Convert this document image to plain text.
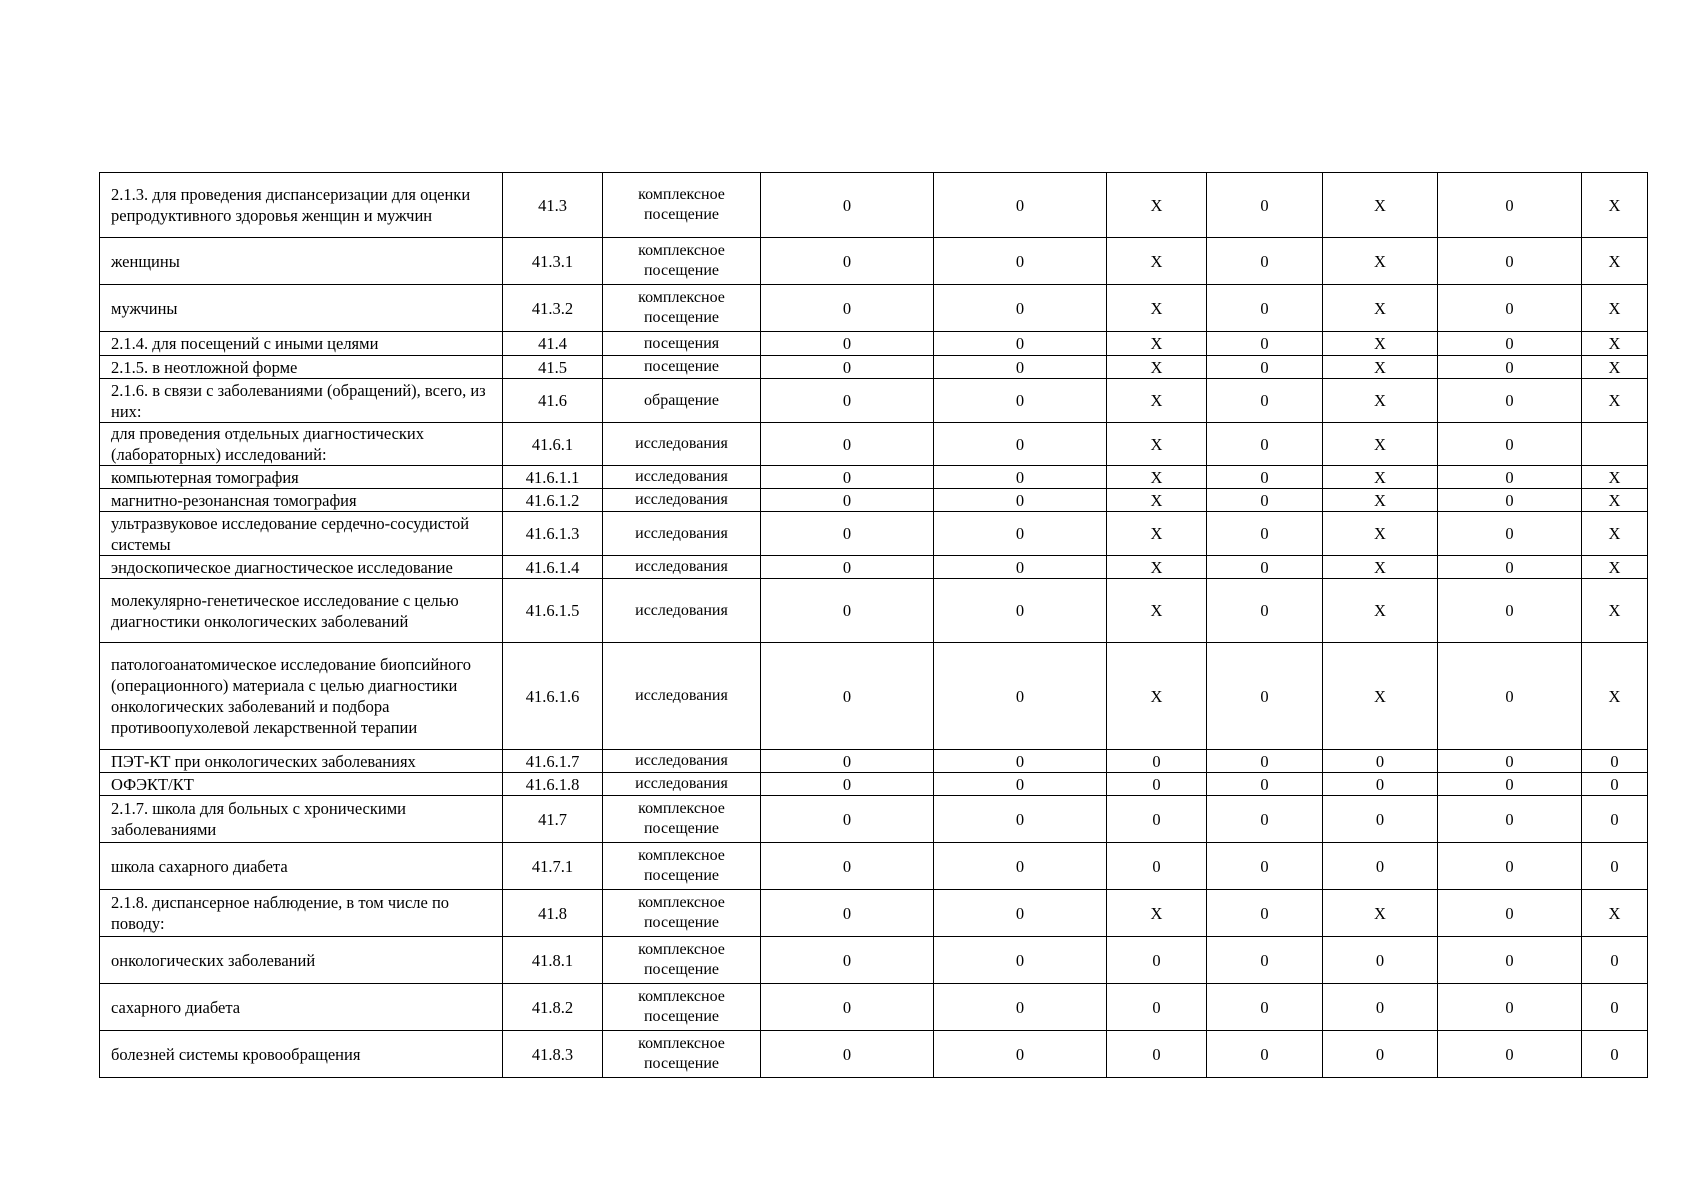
2.1.3. для проведения диспансеризации для оценки репродуктивного здоровья женщин и мужчин	41.3	комплексное посещение	0	0	Х	0	Х	0	Х
женщины	41.3.1	комплексное посещение	0	0	Х	0	Х	0	Х
мужчины	41.3.2	комплексное посещение	0	0	Х	0	Х	0	Х
2.1.4. для посещений с иными целями	41.4	посещения	0	0	Х	0	Х	0	Х
2.1.5. в неотложной форме	41.5	посещение	0	0	Х	0	Х	0	Х
2.1.6. в связи с заболеваниями (обращений), всего, из них:	41.6	обращение	0	0	Х	0	Х	0	Х
для проведения отдельных диагностических (лабораторных) исследований:	41.6.1	исследования	0	0	Х	0	Х	0	
компьютерная томография	41.6.1.1	исследования	0	0	Х	0	Х	0	Х
магнитно-резонансная томография	41.6.1.2	исследования	0	0	Х	0	Х	0	Х
ультразвуковое исследование сердечно-сосудистой системы	41.6.1.3	исследования	0	0	Х	0	Х	0	Х
эндоскопическое диагностическое исследование	41.6.1.4	исследования	0	0	Х	0	Х	0	Х
молекулярно-генетическое исследование с целью диагностики онкологических заболеваний	41.6.1.5	исследования	0	0	Х	0	Х	0	Х
патологоанатомическое исследование биопсийного (операционного) материала с целью диагностики онкологических заболеваний и подбора противоопухолевой лекарственной терапии	41.6.1.6	исследования	0	0	Х	0	Х	0	Х
ПЭТ-КТ при онкологических заболеваниях	41.6.1.7	исследования	0	0	0	0	0	0	0
ОФЭКТ/КТ	41.6.1.8	исследования	0	0	0	0	0	0	0
2.1.7. школа для больных с хроническими заболеваниями	41.7	комплексное посещение	0	0	0	0	0	0	0
школа сахарного диабета	41.7.1	комплексное посещение	0	0	0	0	0	0	0
2.1.8. диспансерное наблюдение, в том числе по поводу:	41.8	комплексное посещение	0	0	Х	0	Х	0	Х
онкологических заболеваний	41.8.1	комплексное посещение	0	0	0	0	0	0	0
сахарного диабета	41.8.2	комплексное посещение	0	0	0	0	0	0	0
болезней системы кровообращения	41.8.3	комплексное посещение	0	0	0	0	0	0	0
